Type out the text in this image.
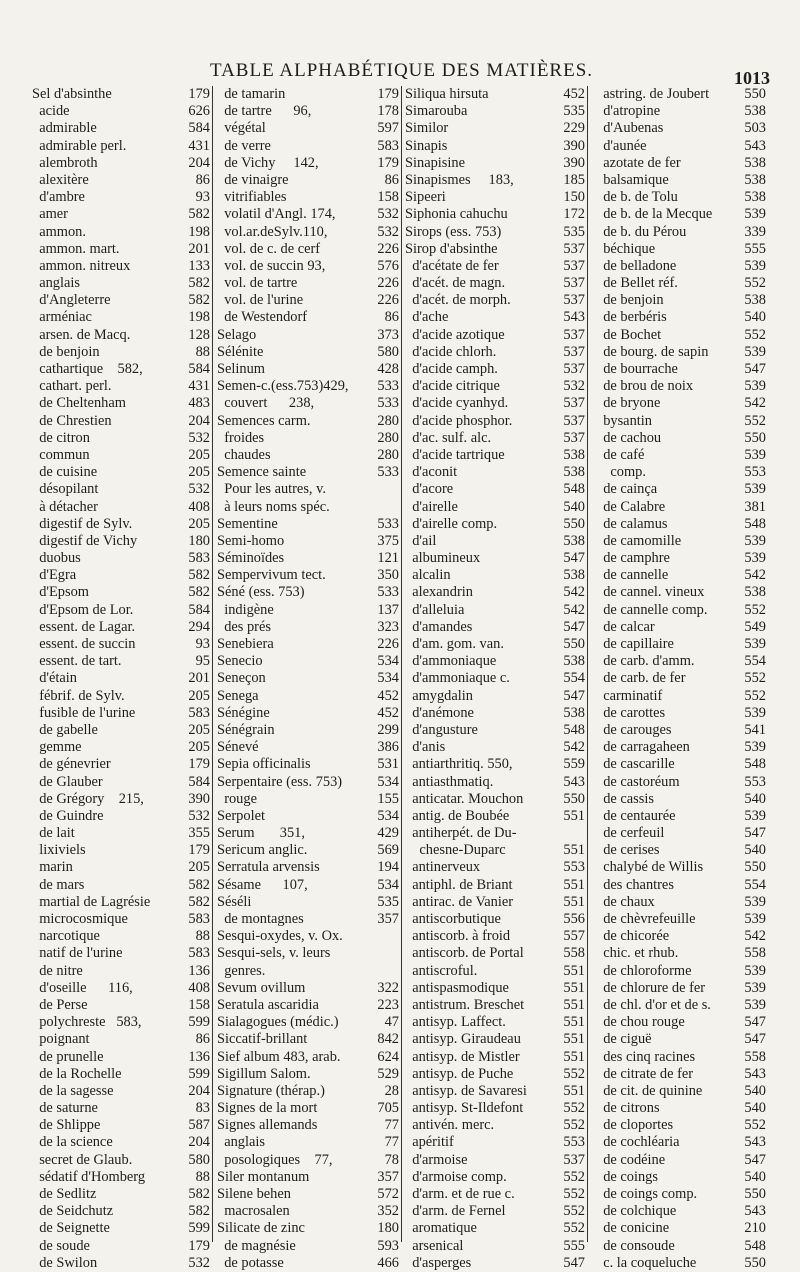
TABLE ALPHABÉTIQUE DES MATIÈRES.	1013
Sel d'absinthe	179
acide	626
admirable	584
admirable perl.	431
alembroth	204
alexitère	86
d'ambre	93
amer	582
ammon.	198
ammon. mart.	201
ammon. nitreux	133
anglais	582
d'Angleterre	582
arméniac	198
arsen. de Macq.	128
de benjoin	88
cathartique    582,	584
cathart. perl.	431
de Cheltenham	483
de Chrestien	204
de citron	532
commun	205
de cuisine	205
désopilant	532
à détacher	408
digestif de Sylv.	205
digestif de Vichy	180
duobus	583
d'Egra	582
d'Epsom	582
d'Epsom de Lor.	584
essent. de Lagar.	294
essent. de succin	93
essent. de tart.	95
d'étain	201
fébrif. de Sylv.	205
fusible de l'urine	583
de gabelle	205
gemme	205
de génevrier	179
de Glauber	584
de Grégory    215,	390
de Guindre	532
de lait	355
lixiviels	179
marin	205
de mars	582
martial de Lagrésie	582
microcosmique	583
narcotique	88
natif de l'urine	583
de nitre	136
d'oseille      116,	408
de Perse	158
polychreste   583,	599
poignant	86
de prunelle	136
de la Rochelle	599
de la sagesse	204
de saturne	83
de Shlippe	587
de la science	204
secret de Glaub.	580
sédatif d'Homberg	88
de Sedlitz	582
de Seidchutz	582
de Seignette	599
de soude	179
de Swilon	532
de tamarin	179
de tartre      96,	178
végétal	597
de verre	583
de Vichy     142,	179
de vinaigre	86
vitrifiables	158
volatil d'Angl. 174,	532
vol.ar.deSylv.110,	532
vol. de c. de cerf	226
vol. de succin 93,	576
vol. de tartre	226
vol. de l'urine	226
de Westendorf	86
Selago	373
Sélénite	580
Selinum	428
Semen-c.(ess.753)429, 533
couvert      238,	533
Semences carm.	280
froides	280
chaudes	280
Semence sainte	533
Pour les autres, v.
à leurs noms spéc.
Sementine	533
Semi-homo	375
Séminoïdes	121
Sempervivum tect.	350
Séné (ess. 753)	533
indigène	137
des prés	323
Senebiera	226
Senecio	534
Seneçon	534
Senega	452
Sénégine	452
Sénégrain	299
Sénevé	386
Sepia officinalis	531
Serpentaire (ess. 753) 534
rouge	155
Serpolet	534
Serum       351,	429
Sericum anglic.	569
Serratula arvensis	194
Sésame      107,	534
Séséli	535
de montagnes	357
Sesqui-oxydes, v. Ox.
Sesqui-sels, v. leurs
genres.
Sevum ovillum	322
Seratula ascaridia	223
Sialagogues (médic.)	47
Siccatif-brillant	842
Sief album 483, arab.	624
Sigillum Salom.	529
Signature (thérap.)	28
Signes de la mort	705
Signes allemands	77
anglais	77
posologiques    77,	78
Siler montanum	357
Silene behen	572
macrosalen	352
Silicate de zinc	180
de magnésie	593
de potasse	466
Siliqua hirsuta	452
Simarouba	535
Similor	229
Sinapis	390
Sinapisine	390
Sinapismes     183,	185
Sipeeri	150
Siphonia cahuchu	172
Sirops (ess. 753)	535
Sirop d'absinthe	537
d'acétate de fer	537
d'acét. de magn.	537
d'acét. de morph.	537
d'ache	543
d'acide azotique	537
d'acide chlorh.	537
d'acide camph.	537
d'acide citrique	532
d'acide cyanhyd.	537
d'acide phosphor.	537
d'ac. sulf. alc.	537
d'acide tartrique	538
d'aconit	538
d'acore	548
d'airelle	540
d'airelle comp.	550
d'ail	538
albumineux	547
alcalin	538
alexandrin	542
d'alleluia	542
d'amandes	547
d'am. gom. van.	550
d'ammoniaque	538
d'ammoniaque c.	554
amygdalin	547
d'anémone	538
d'angusture	548
d'anis	542
antiarthritiq. 550,	559
antiasthmatiq.	543
anticatar. Mouchon	550
antig. de Boubée	551
antiherpét. de Du-
chesne-Duparc	551
antinerveux	553
antiphl. de Briant	551
antirac. de Vanier	551
antiscorbutique	556
antiscorb. à froid	557
antiscorb. de Portal	558
antiscroful.	551
antispasmodique	551
antistrum. Breschet	551
antisyp. Laffect.	551
antisyp. Giraudeau	551
antisyp. de Mistler	551
antisyp. de Puche	552
antisyp. de Savaresi	551
antisyp. St-Ildefont	552
antivén. merc.	552
apéritif	553
d'armoise	537
d'armoise comp.	552
d'arm. et de rue c.	552
d'arm. de Fernel	552
aromatique	552
arsenical	555
d'asperges	547
astring. de Joubert 550
d'atropine	538
d'Aubenas	503
d'aunée	543
azotate de fer	538
balsamique	538
de b. de Tolu	538
de b. de la Mecque 539
de b. du Pérou	339
béchique	555
de belladone	539
de Bellet réf.	552
de benjoin	538
de berbéris	540
de Bochet	552
de bourg. de sapin 539
de bourrache	547
de brou de noix	539
de bryone	542
bysantin	552
de cachou	550
de café	539
comp.	553
de cainça	539
de Calabre	381
de calamus	548
de camomille	539
de camphre	539
de cannelle	542
de cannel. vineux	538
de cannelle comp.	552
de calcar	549
de capillaire	539
de carb. d'amm.	554
de carb. de fer	552
carminatif	552
de carottes	539
de carouges	541
de carragaheen	539
de cascarille	548
de castoréum	553
de cassis	540
de centaurée	539
de cerfeuil	547
de cerises	540
chalybé de Willis	550
des chantres	554
de chaux	539
de chèvrefeuille	539
de chicorée	542
chic. et rhub.	558
de chloroforme	539
de chlorure de fer	539
de chl. d'or et de s. 539
de chou rouge	547
de ciguë	547
des cinq racines	558
de citrate de fer	543
de cit. de quinine	540
de citrons	540
de cloportes	552
de cochléaria	543
de codéine	547
de coings	540
de coings comp.	550
de colchique	543
de conicine	210
de consoude	548
c. la coqueluche	550
